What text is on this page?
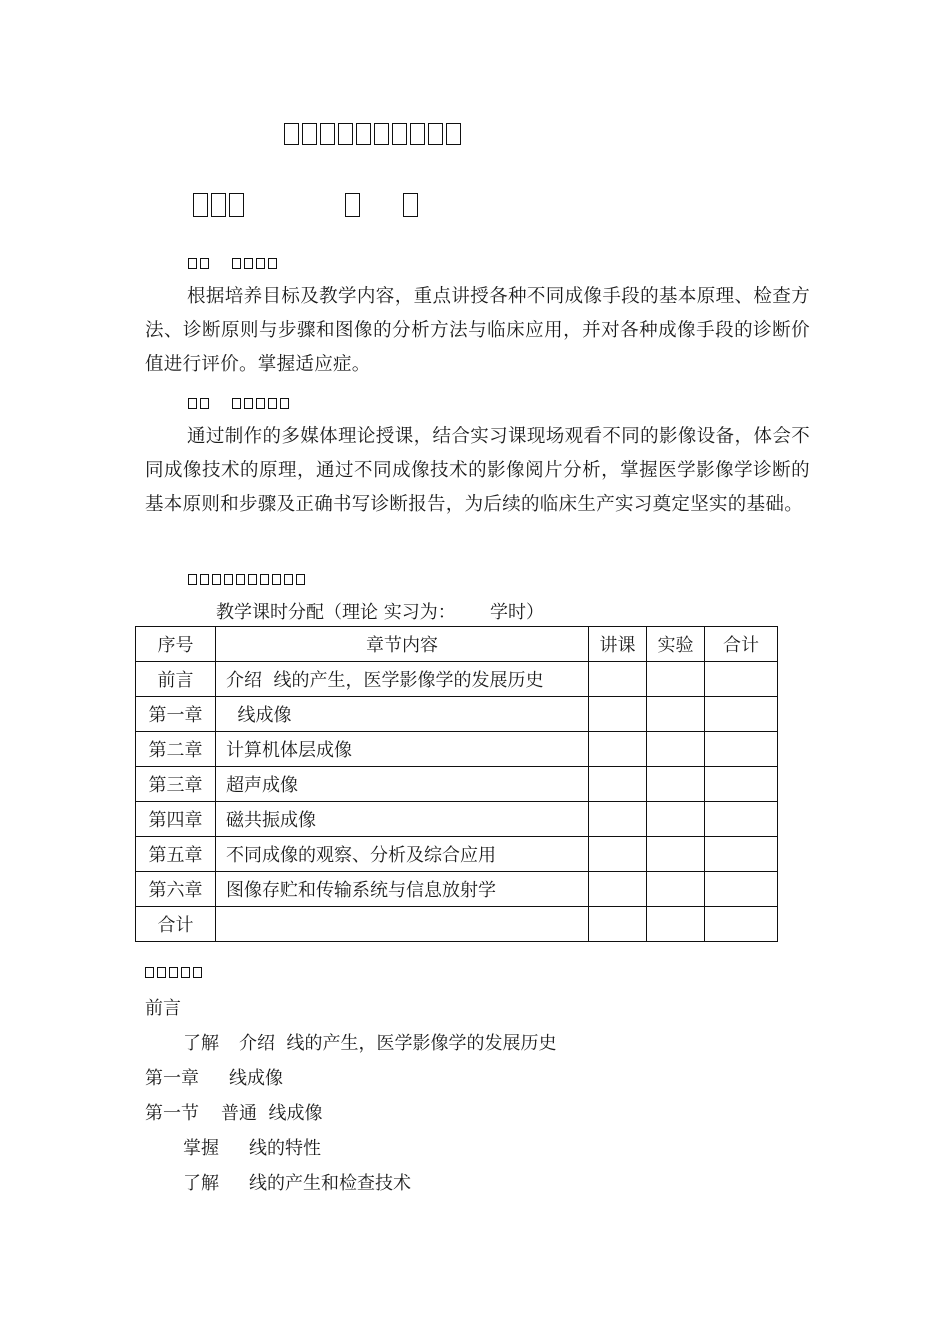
根据培养目标及教学内容，重点讲授各种不同成像手段的基本原理、检查方法、诊断原则与步骤和图像的分析方法与临床应用，并对各种成像手段的诊断价值进行评价。掌握适应症。

通过制作的多媒体理论授课，结合实习课现场观看不同的影像设备，体会不同成像技术的原理，通过不同成像技术的影像阅片分析，掌握医学影像学诊断的基本原则和步骤及正确书写诊断报告，为后续的临床生产实习奠定坚实的基础。

教学课时分配（理论 实习为：      学时）
序号	章节内容	讲课	实验	合计
前言	介绍  线的产生，医学影像学的发展历史			
第一章	线成像			
第二章	计算机体层成像			
第三章	超声成像			
第四章	磁共振成像			
第五章	不同成像的观察、分析及综合应用			
第六章	图像存贮和传输系统与信息放射学			
合计				
前言
了解 介绍  线的产生，医学影像学的发展历史
第一章 线成像
第一节 普通  线成像
掌握 线的特性
了解 线的产生和检查技术
